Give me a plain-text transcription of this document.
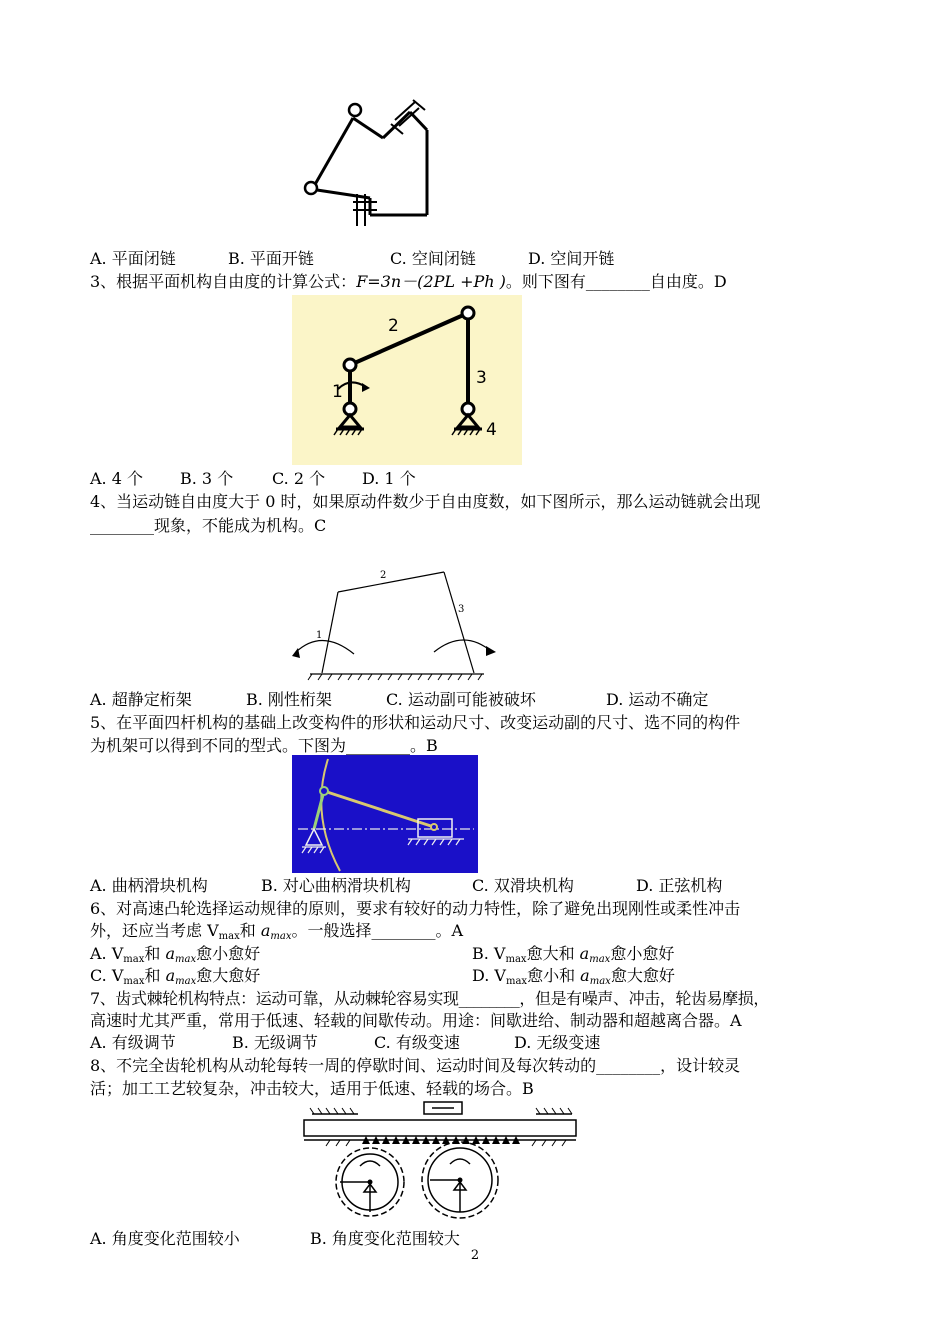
A. 平面闭链	B. 平面开链	C. 空间闭链	D. 空间开链
3、根据平面机构自由度的计算公式：F=3n－(2PL +Ph )。则下图有________自由度。D
2
3
1
4
A. 4 个 B. 3 个 C. 2 个 D. 1 个
4、当运动链自由度大于 0 时，如果原动件数少于自由度数，如下图所示，那么运动链就会出现
________现象，不能成为机构。C
2
3
1
A. 超静定桁架	B. 刚性桁架	C. 运动副可能被破坏	D. 运动不确定
5、在平面四杆机构的基础上改变构件的形状和运动尺寸、改变运动副的尺寸、选不同的构件
为机架可以得到不同的型式。下图为________。B
A. 曲柄滑块机构	B. 对心曲柄滑块机构	C. 双滑块机构	D. 正弦机构
6、对高速凸轮选择运动规律的原则，要求有较好的动力特性，除了避免出现刚性或柔性冲击
外，还应当考虑 $V_{max}$和 $a_{max}$。一般选择________。A
A. $V_{max}$和 $a_{max}$愈小愈好	B. $V_{max}$愈大和 $a_{max}$愈小愈好
C. $V_{max}$和 $a_{max}$愈大愈好	D. $V_{max}$愈小和 $a_{max}$愈大愈好
7、齿式棘轮机构特点：运动可靠，从动棘轮容易实现________，但是有噪声、冲击，轮齿易摩损，
高速时尤其严重，常用于低速、轻载的间歇传动。用途：间歇进给、制动器和超越离合器。A
A. 有级调节	B. 无级调节	C. 有级变速	D. 无级变速
8、不完全齿轮机构从动轮每转一周的停歇时间、运动时间及每次转动的________，设计较灵
活；加工工艺较复杂，冲击较大，适用于低速、轻载的场合。B
A. 角度变化范围较小	B. 角度变化范围较大
2
